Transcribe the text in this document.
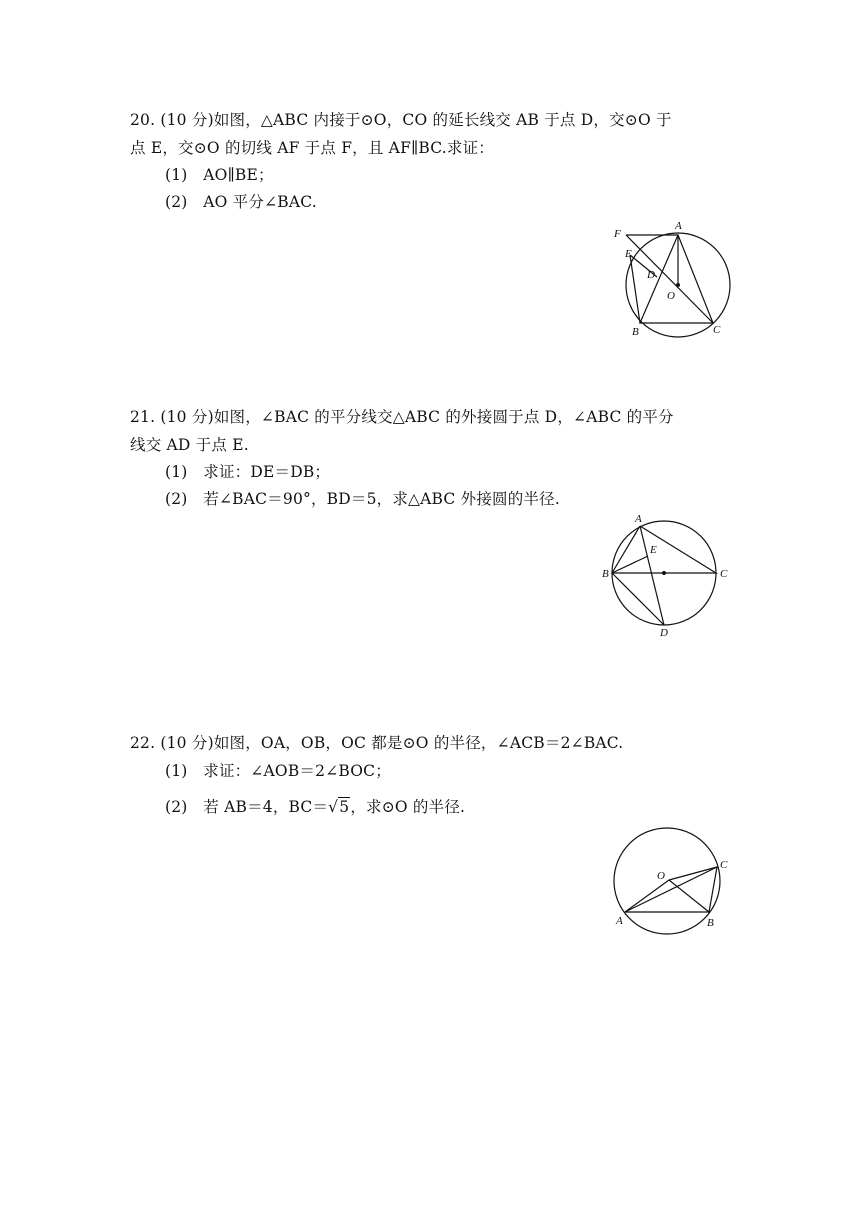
20. (10 分)如图，△ABC 内接于⊙O，CO 的延长线交 AB 于点 D，交⊙O 于
点 E，交⊙O 的切线 AF 于点 F，且 AF∥BC.求证：
(1)　AO∥BE；
(2)　AO 平分∠BAC.
F
A
E
D
O
B	C
21. (10 分)如图，∠BAC 的平分线交△ABC 的外接圆于点 D，∠ABC 的平分
线交 AD 于点 E.
(1)　求证：DE＝DB；
(2)　若∠BAC＝90°，BD＝5，求△ABC 外接圆的半径.
A
E
B	C
D
22. (10 分)如图，OA，OB，OC 都是⊙O 的半径，∠ACB＝2∠BAC.
(1)　求证：∠AOB＝2∠BOC；
(2)　若 AB＝4，BC＝√5，求⊙O 的半径.
O
C
A	B
